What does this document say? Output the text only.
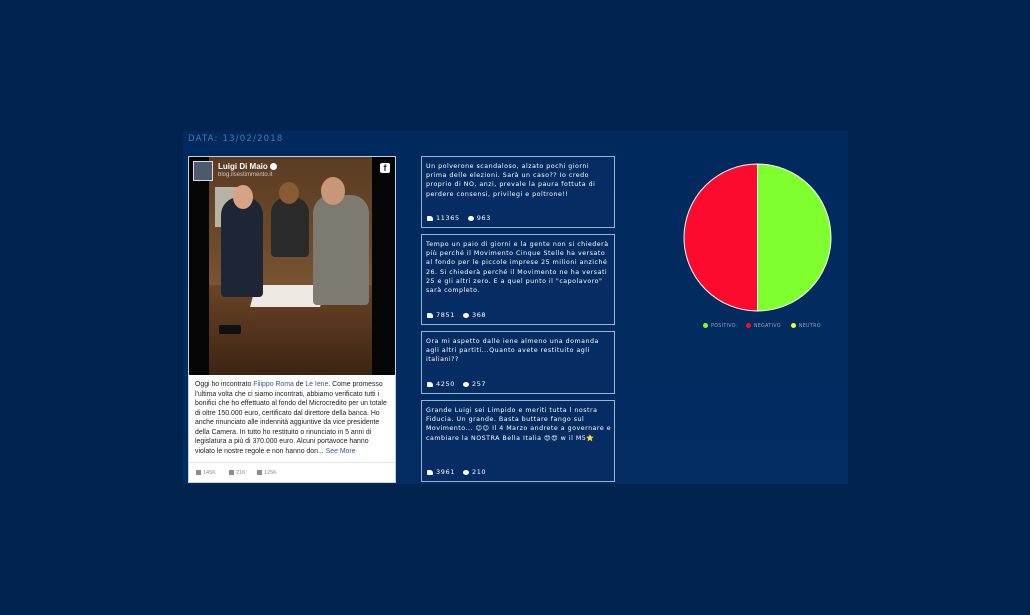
DATA: 13/02/2018
Luigi Di Maio
blog.ilsestimmento.it
f
Oggi ho incontrato Filippo Roma de Le Iene. Come promesso l'ultima volta che ci siamo incontrati, abbiamo verificato tutti i bonifici che ho effettuato al fondo del Microcredito per un totale di oltre 150.000 euro, certificato dal direttore della banca. Ho anche rinunciato alle indennità aggiuntive da vice presidente della Camera. In tutto ho restituito o rinunciato in 5 anni di legislatura a più di 370.000 euro. Alcuni portavoce hanno violato le nostre regole e non hanno don... See More
145K	21K	125K
Un polverone scandaloso, alzato pochi giorni prima delle elezioni. Sarà un caso?? Io credo proprio di NO, anzi, prevale la paura fottuta di perdere consensi, privilegi e poltrone!!
11365	963
Tempo un paio di giorni e la gente non si chiederà più perché il Movimento Cinque Stelle ha versato al fondo per le piccole imprese 25 milioni anziché 26. Si chiederà perché il Movimento ne ha versati 25 e gli altri zero. E a quel punto il "capolavoro" sarà completo.
7851	368
Ora mi aspetto dalle iene almeno una domanda agli altri partiti...Quanto avete restituito agli italiani??
4250	257
Grande Luigi sei Limpido e meriti tutta l nostra Fiducia. Un grande. Basta buttare fango sul Movimento... 😉😉 Il 4 Marzo andrete a governare e cambiare la NOSTRA Bella Italia 😍😍 w il M5⭐
3961	210
POSITIVO	NEGATIVO	NEUTRO
